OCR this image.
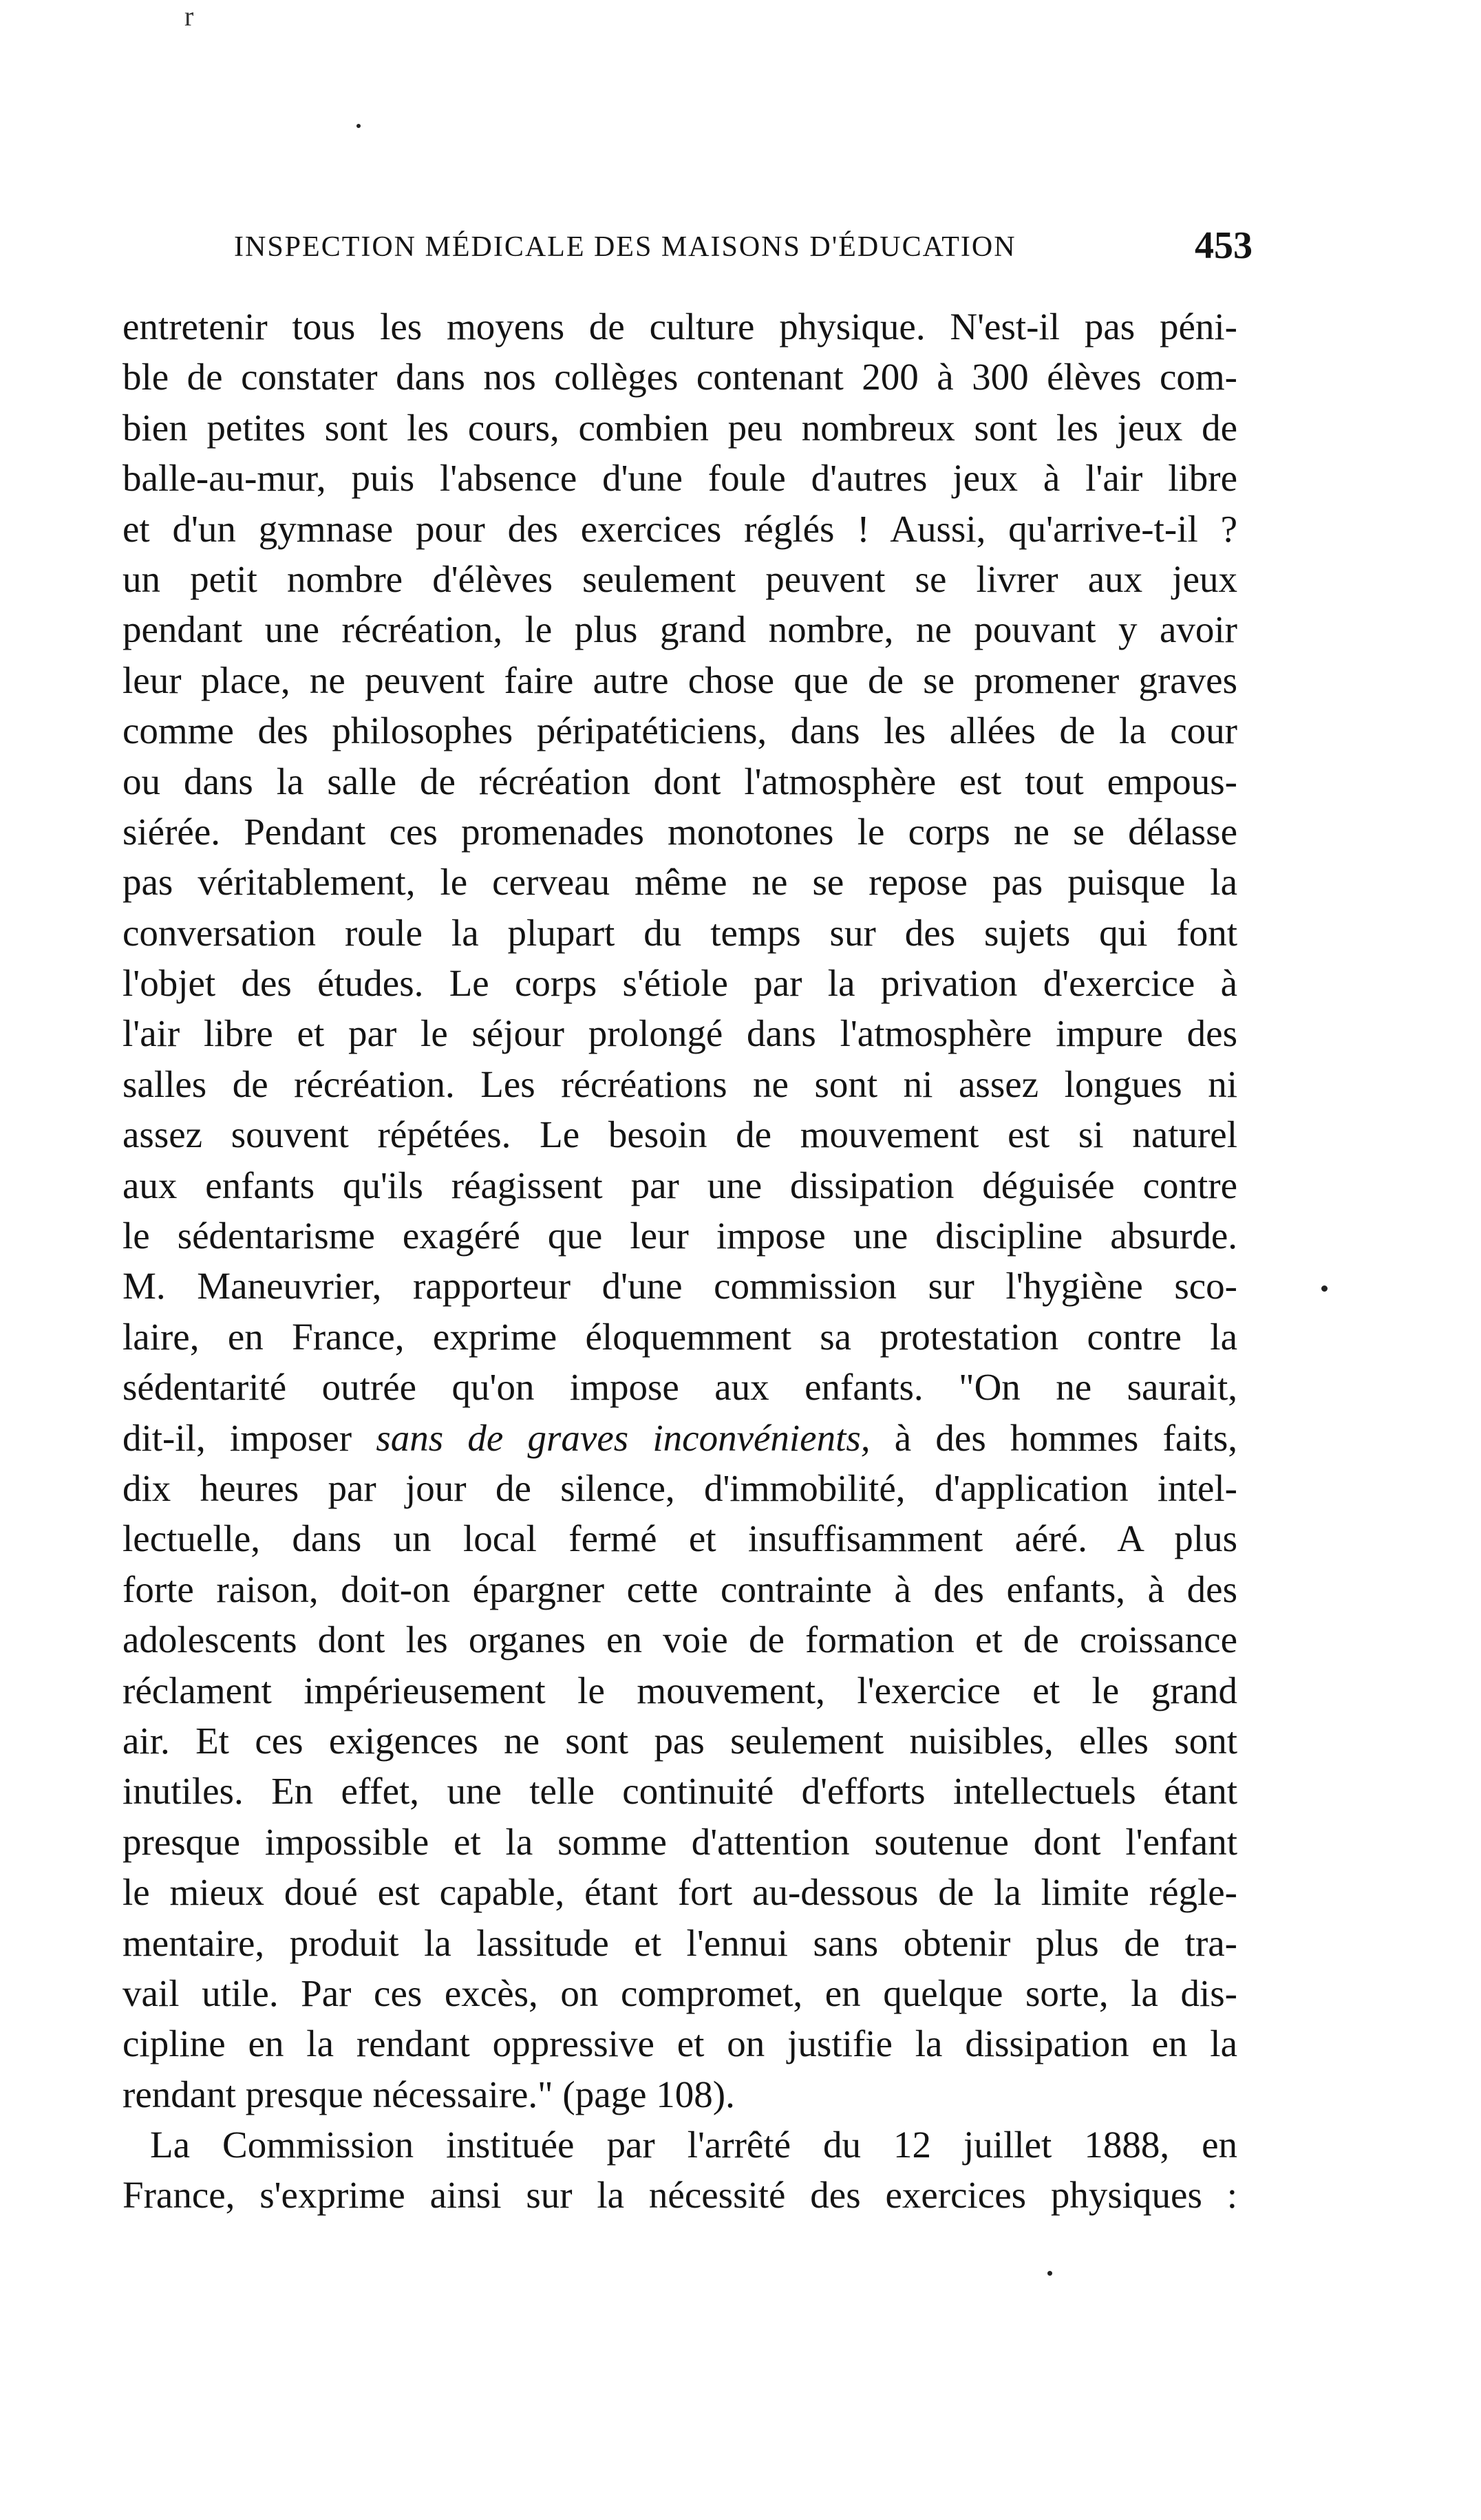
r
INSPECTION MÉDICALE DES MAISONS D'ÉDUCATION	453
entretenir tous les moyens de culture physique. N'est-il pas péni-
ble de constater dans nos collèges contenant 200 à 300 élèves com-
bien petites sont les cours, combien peu nombreux sont les jeux de
balle-au-mur, puis l'absence d'une foule d'autres jeux à l'air libre
et d'un gymnase pour des exercices réglés ! Aussi, qu'arrive-t-il ?
un petit nombre d'élèves seulement peuvent se livrer aux jeux
pendant une récréation, le plus grand nombre, ne pouvant y avoir
leur place, ne peuvent faire autre chose que de se promener graves
comme des philosophes péripatéticiens, dans les allées de la cour
ou dans la salle de récréation dont l'atmosphère est tout empous-
siérée. Pendant ces promenades monotones le corps ne se délasse
pas véritablement, le cerveau même ne se repose pas puisque la
conversation roule la plupart du temps sur des sujets qui font
l'objet des études. Le corps s'étiole par la privation d'exercice à
l'air libre et par le séjour prolongé dans l'atmosphère impure des
salles de récréation. Les récréations ne sont ni assez longues ni
assez souvent répétées. Le besoin de mouvement est si naturel
aux enfants qu'ils réagissent par une dissipation déguisée contre
le sédentarisme exagéré que leur impose une discipline absurde.
M. Maneuvrier, rapporteur d'une commission sur l'hygiène sco-
laire, en France, exprime éloquemment sa protestation contre la
sédentarité outrée qu'on impose aux enfants. "On ne saurait,
dit-il, imposer sans de graves inconvénients, à des hommes faits,
dix heures par jour de silence, d'immobilité, d'application intel-
lectuelle, dans un local fermé et insuffisamment aéré. A plus
forte raison, doit-on épargner cette contrainte à des enfants, à des
adolescents dont les organes en voie de formation et de croissance
réclament impérieusement le mouvement, l'exercice et le grand
air. Et ces exigences ne sont pas seulement nuisibles, elles sont
inutiles. En effet, une telle continuité d'efforts intellectuels étant
presque impossible et la somme d'attention soutenue dont l'enfant
le mieux doué est capable, étant fort au-dessous de la limite régle-
mentaire, produit la lassitude et l'ennui sans obtenir plus de tra-
vail utile. Par ces excès, on compromet, en quelque sorte, la dis-
cipline en la rendant oppressive et on justifie la dissipation en la
rendant presque nécessaire." (page 108).
La Commission instituée par l'arrêté du 12 juillet 1888, en
France, s'exprime ainsi sur la nécessité des exercices physiques :
